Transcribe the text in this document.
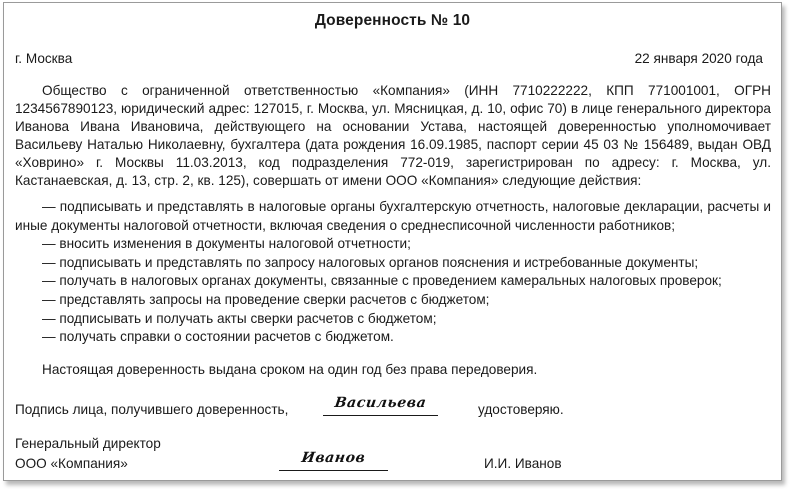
Доверенность № 10
г. Москва	22 января 2020 года
Общество с ограниченной ответственностью «Компания» (ИНН 7710222222, КПП 771001001, ОГРН 1234567890123, юридический адрес: 127015, г. Москва, ул. Мясницкая, д. 10, офис 70) в лице генерального директора Иванова Ивана Ивановича, действующего на основании Устава, настоящей доверенностью уполномочивает Васильеву Наталью Николаевну, бухгалтера (дата рождения 16.09.1985, паспорт серии 45 03 № 156489, выдан ОВД «Ховрино» г. Москвы 11.03.2013, код подразделения 772-019, зарегистрирован по адресу: г. Москва, ул. Кастанаевская, д. 13, стр. 2, кв. 125), совершать от имени ООО «Компания» следующие действия:
— подписывать и представлять в налоговые органы бухгалтерскую отчетность, налоговые декларации, расчеты и иные документы налоговой отчетности, включая сведения о среднесписочной численности работников;
— вносить изменения в документы налоговой отчетности;
— подписывать и представлять по запросу налоговых органов пояснения и истребованные документы;
— получать в налоговых органах документы, связанные с проведением камеральных налоговых проверок;
— представлять запросы на проведение сверки расчетов с бюджетом;
— подписывать и получать акты сверки расчетов с бюджетом;
— получать справки о состоянии расчетов с бюджетом.
Настоящая доверенность выдана сроком на один год без права передоверия.
Подпись лица, получившего доверенность,	Васильева	удостоверяю.
Генеральный директор
ООО «Компания»	Иванов	И.И. Иванов
